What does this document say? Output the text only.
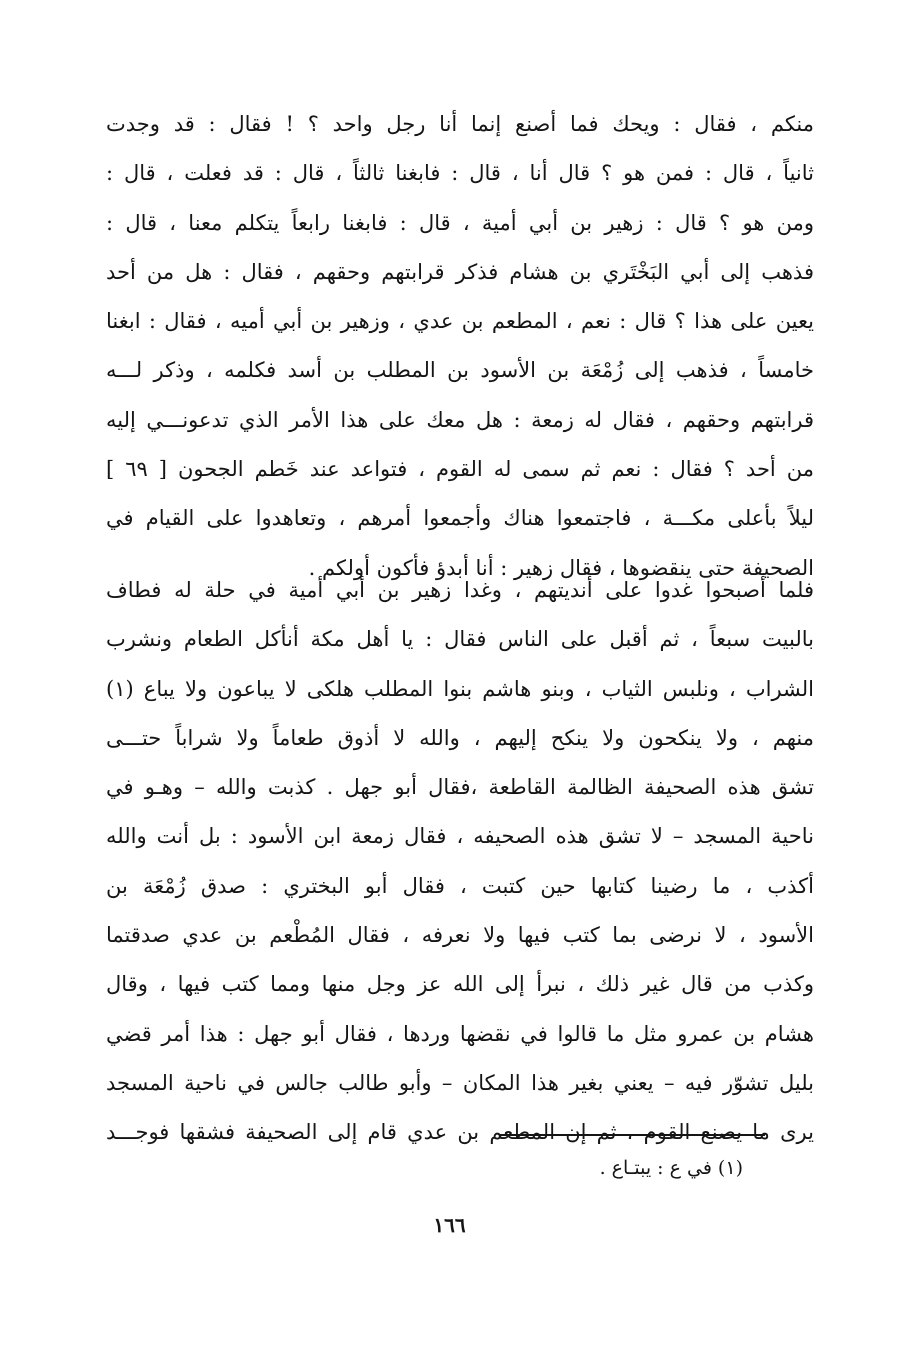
منكم ، فقال : ويحك فما أصنع إنما أنا رجل واحد ؟ ! فقال : قد وجدت
ثانياً ، قال : فمن هو ؟ قال أنا ، قال : فابغنا ثالثاً ، قال : قد فعلت ، قال :
ومن هو ؟ قال : زهير بن أبي أمية ، قال : فابغنا رابعاً يتكلم معنا ، قال :
فذهب إلى أبي البَخْتَري بن هشام فذكر قرابتهم وحقهم ، فقال : هل من أحد
يعين على هذا ؟ قال : نعم ، المطعم بن عدي ، وزهير بن أبي أميه ، فقال : ابغنا
خامساً ، فذهب إلى زُمْعَة بن الأسود بن المطلب بن أسد فكلمه ، وذكر لـــه
قرابتهم وحقهم ، فقال له زمعة : هل معك على هذا الأمر الذي تدعونـــي إليه
من أحد ؟ فقال : نعم ثم سمى له القوم ، فتواعد عند خَطم الجحون [ ٦٩ ]
ليلاً بأعلى مكـــة ، فاجتمعوا هناك وأجمعوا أمرهم ، وتعاهدوا على القيام في
الصحيفة حتى ينقضوها ، فقال زهير : أنا أبدؤ فأكون أولكم .
فلما أصبحوا غدوا على أنديتهم ، وغدا زهير بن أبي أمية في حلة له فطاف
بالبيت سبعاً ، ثم أقبل على الناس فقال : يا أهل مكة أنأكل الطعام ونشرب
الشراب ، ونلبس الثياب ، وبنو هاشم بنوا المطلب هلكى لا يباعون ولا يباع (١)
منهم ، ولا ينكحون ولا ينكح إليهم ، والله لا أذوق طعاماً ولا شراباً حتـــى
تشق هذه الصحيفة الظالمة القاطعة ،فقال أبو جهل . كذبت والله – وهـو في
ناحية المسجد – لا تشق هذه الصحيفه ، فقال زمعة ابن الأسود : بل أنت والله
أكذب ، ما رضينا كتابها حين كتبت ، فقال أبو البختري : صدق زُمْعَة بن
الأسود ، لا نرضى بما كتب فيها ولا نعرفه ، فقال المُطْعم بن عدي صدقتما
وكذب من قال غير ذلك ، نبرأ إلى الله عز وجل منها ومما كتب فيها ، وقال
هشام بن عمرو مثل ما قالوا في نقضها وردها ، فقال أبو جهل : هذا أمر قضي
بليل تشوّر فيه – يعني بغير هذا المكان – وأبو طالب جالس في ناحية المسجد
يرى ما يصنع القوم ، ثم إن المطعم بن عدي قام إلى الصحيفة فشقها فوجـــد
(١) في ع : يبتـاع .
١٦٦
